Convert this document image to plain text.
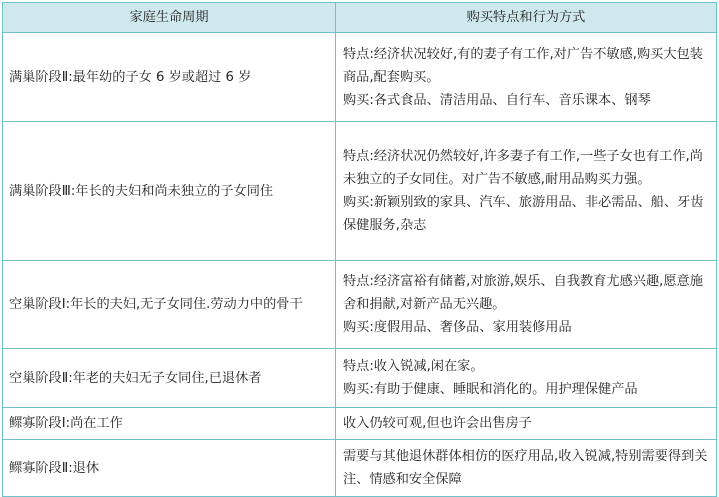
家庭生命周期	购买特点和行为方式
满巢阶段Ⅱ:最年幼的子女 6 岁或超过 6 岁	特点:经济状况较好,有的妻子有工作,对广告不敏感,购买大包装商品,配套购买。

购买:各式食品、清洁用品、自行车、音乐课本、钢琴

满巢阶段Ⅲ:年长的夫妇和尚未独立的子女同住	特点:经济状况仍然较好,许多妻子有工作,一些子女也有工作,尚未独立的子女同住。对广告不敏感,耐用品购买力强。

购买:新颖别致的家具、汽车、旅游用品、非必需品、船、牙齿保健服务,杂志

空巢阶段Ⅰ:年长的夫妇,无子女同住.劳动力中的骨干	特点:经济富裕有储蓄,对旅游,娱乐、自我教育尤感兴趣,愿意施舍和捐献,对新产品无兴趣。

购买:度假用品、奢侈品、家用装修用品

空巢阶段Ⅱ:年老的夫妇无子女同住,已退休者	特点:收入锐减,闲在家。

购买:有助于健康、睡眠和消化的。用护理保健产品

鳏寡阶段Ⅰ:尚在工作	收入仍较可观,但也许会出售房子

鳏寡阶段Ⅱ:退休	需要与其他退休群体相仿的医疗用品,收入锐减,特别需要得到关注、情感和安全保障
